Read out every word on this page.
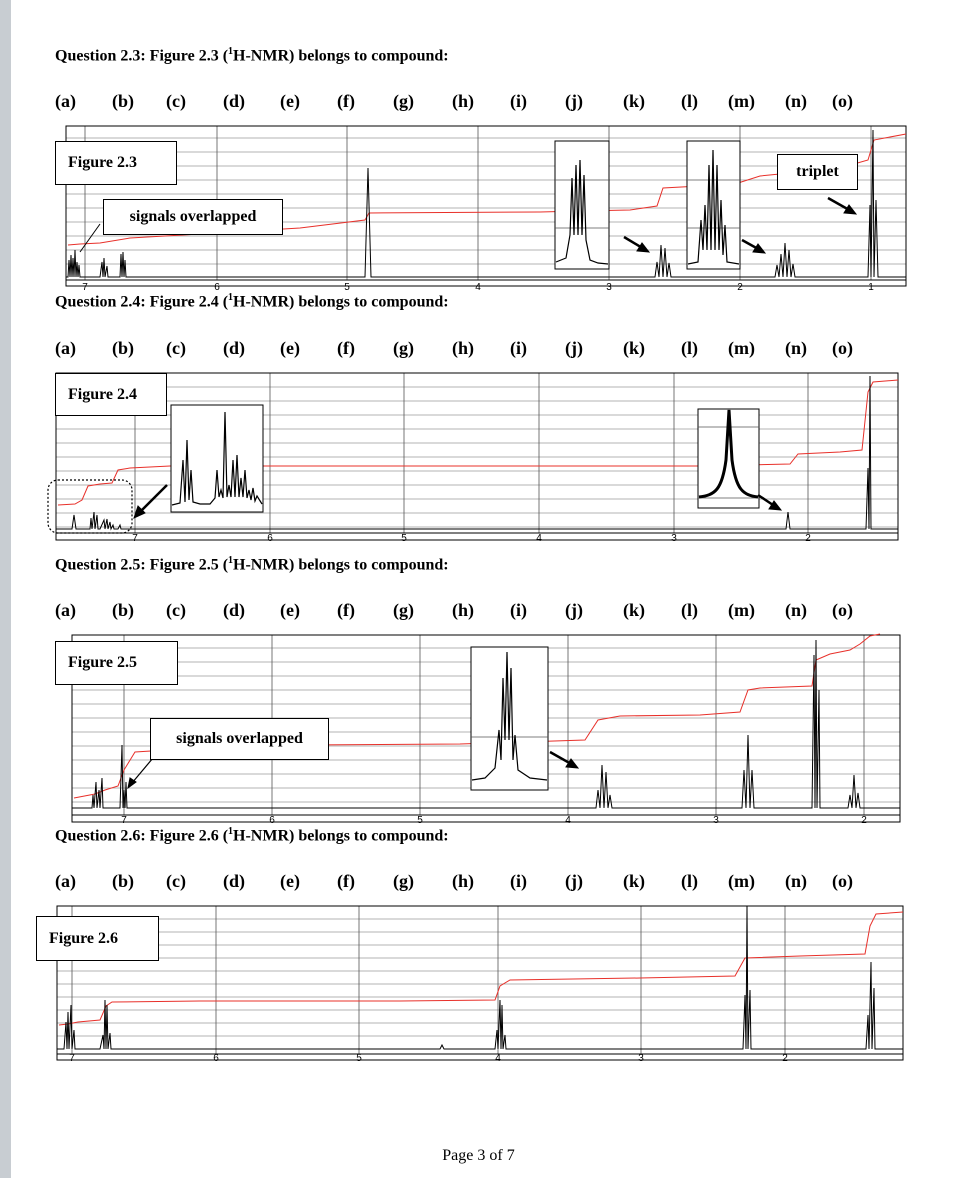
Question 2.3: Figure 2.3 ($^1$H-NMR) belongs to compound:
(a) (b) (c) (d) (e) (f) (g) (h) (i) (j) (k) (l) (m) (n) (o)
7	6	5	4	3	2	1
Figure 2.3
signals overlapped
triplet
Question 2.4: Figure 2.4 ($^1$H-NMR) belongs to compound:
(a) (b) (c) (d) (e) (f) (g) (h) (i) (j) (k) (l) (m) (n) (o)
7	6	5	4	3	2
Figure 2.4
Question 2.5: Figure 2.5 ($^1$H-NMR) belongs to compound:
(a) (b) (c) (d) (e) (f) (g) (h) (i) (j) (k) (l) (m) (n) (o)
7	6	5	4	3	2
Figure 2.5
signals overlapped
Question 2.6: Figure 2.6 ($^1$H-NMR) belongs to compound:
(a) (b) (c) (d) (e) (f) (g) (h) (i) (j) (k) (l) (m) (n) (o)
7	6	5	4	3	2
Figure 2.6
Page 3 of 7
